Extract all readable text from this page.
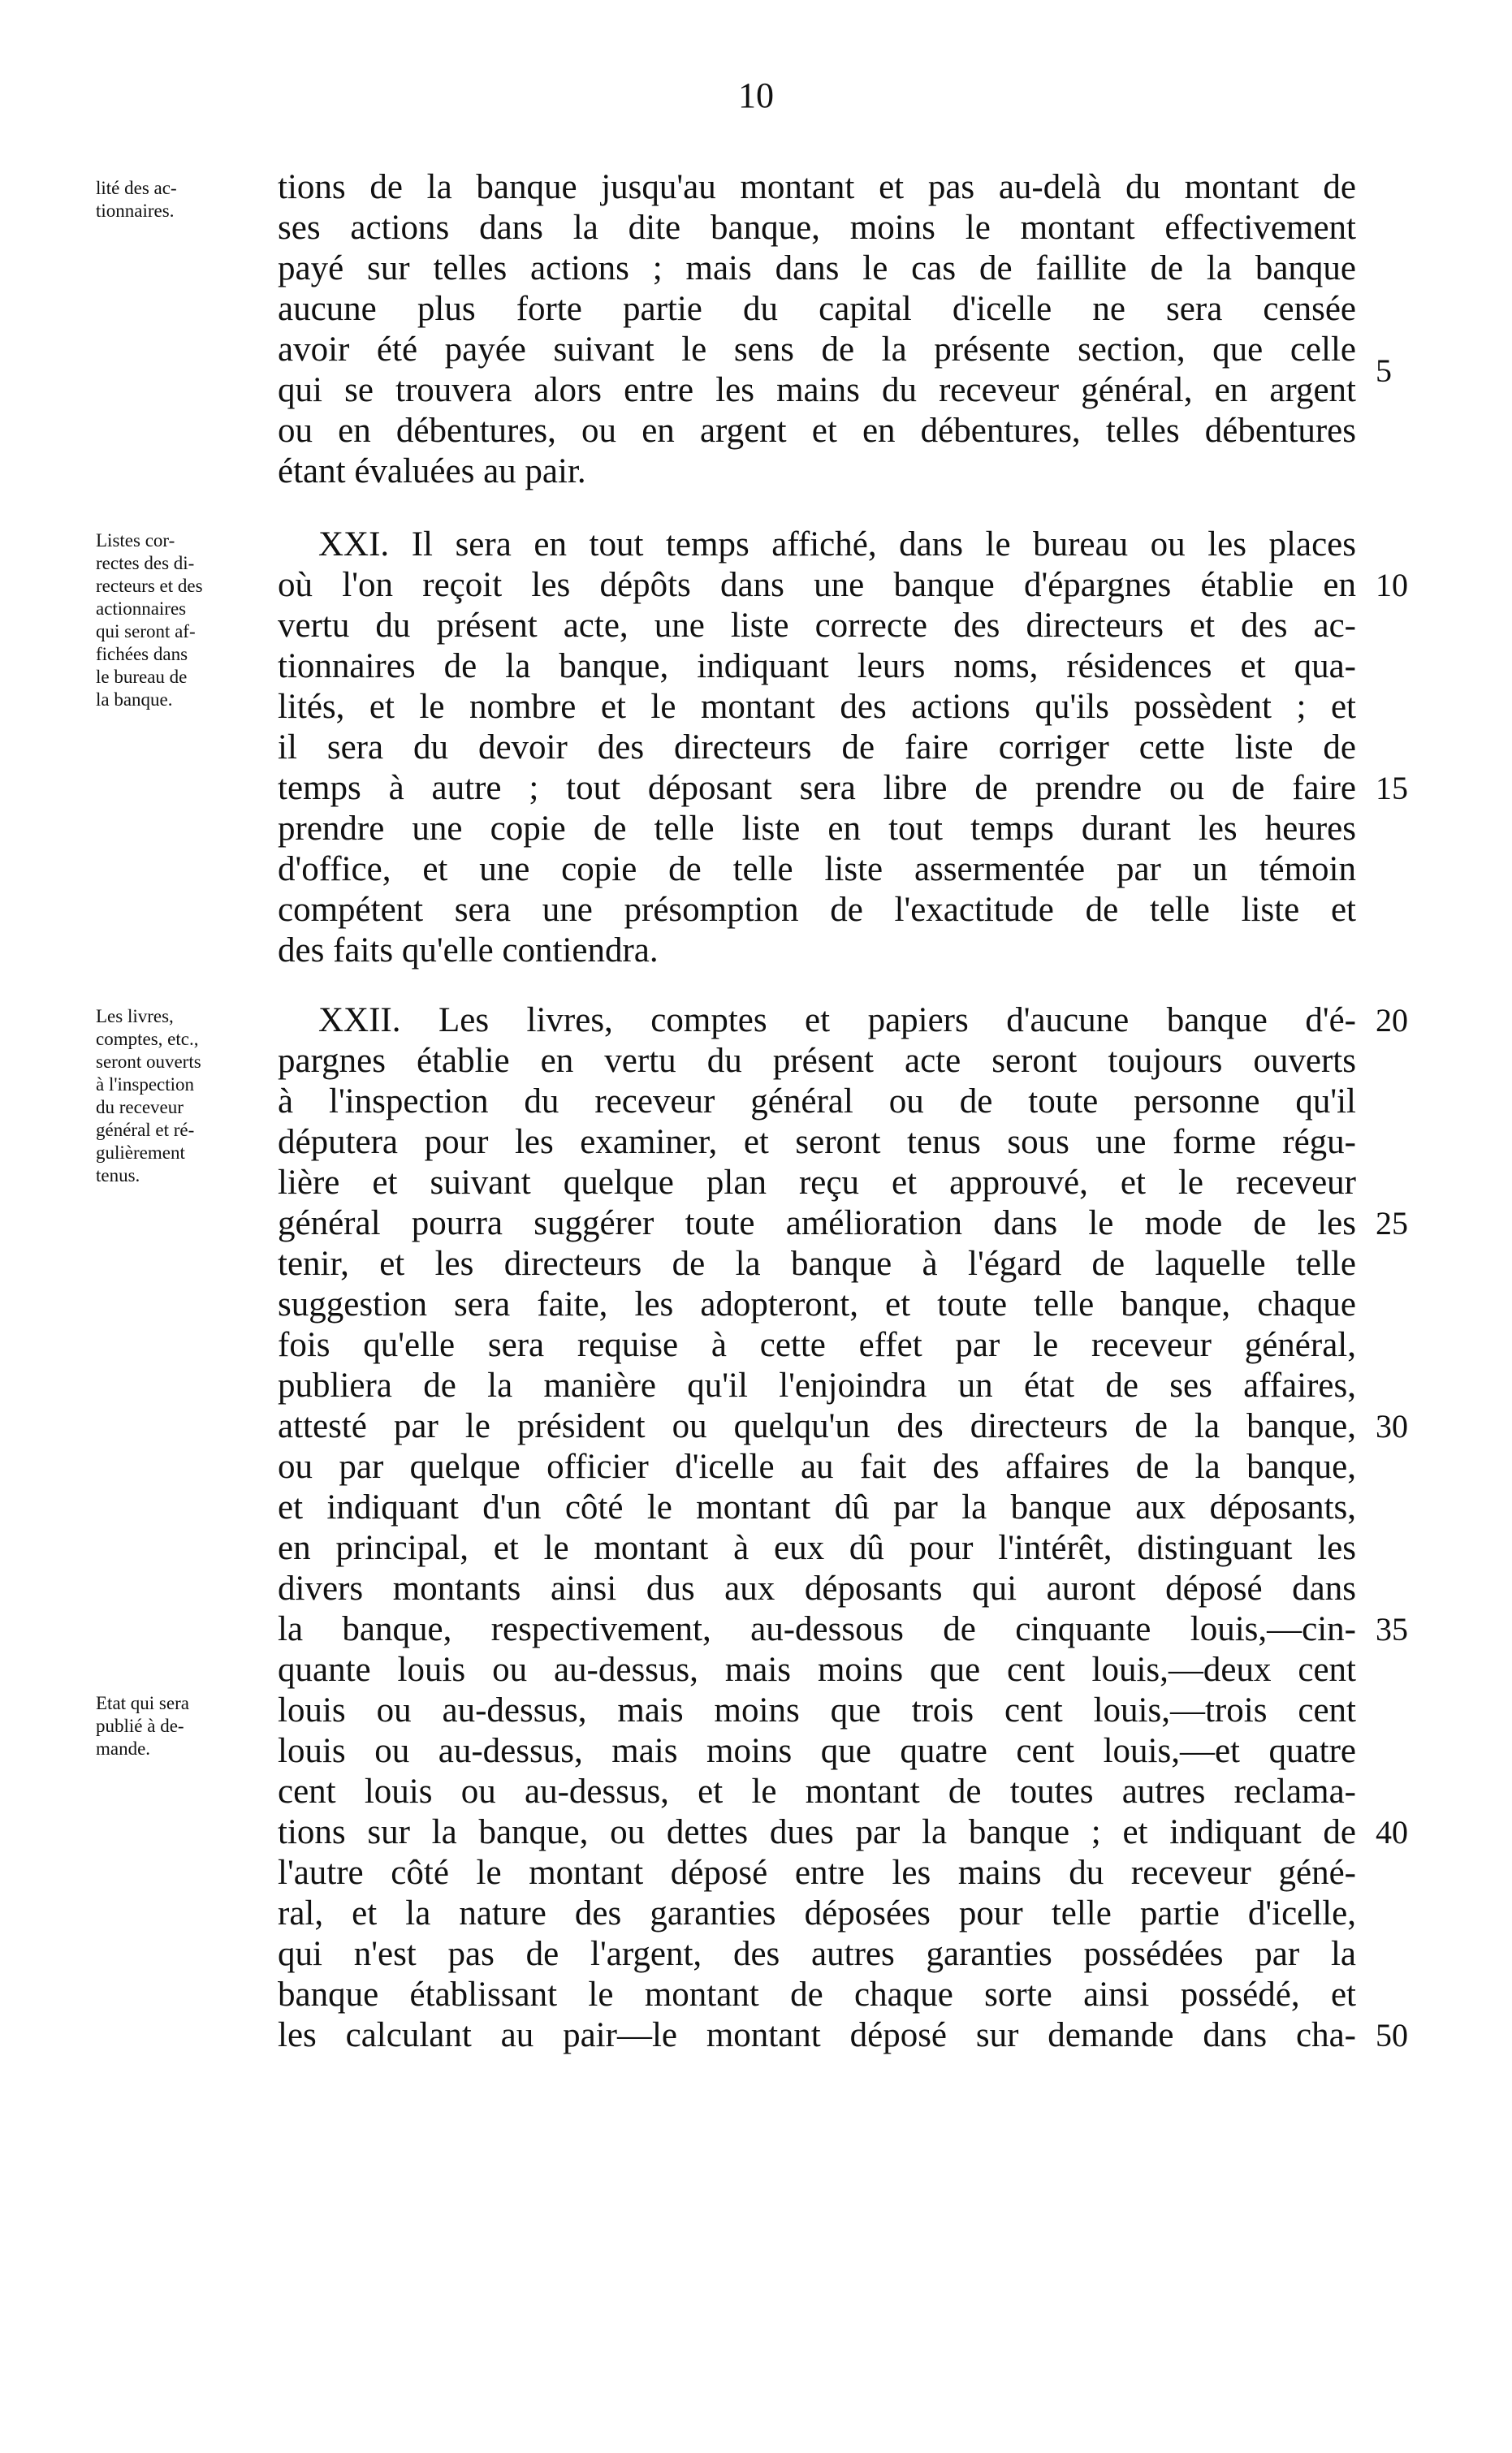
10
lité des ac-
tionnaires.
Listes cor-
rectes des di-
recteurs et des
actionnaires
qui seront af-
fichées dans
le bureau de
la banque.
Les livres,
comptes, etc.,
seront ouverts
à l'inspection
du receveur
général et ré-
gulièrement
tenus.
Etat qui sera
publié à de-
mande.
tions de la banque jusqu'au montant et pas au-delà du montant de
ses actions dans la dite banque, moins le montant effectivement
payé sur telles actions ; mais dans le cas de faillite de la banque
aucune plus forte partie du capital d'icelle ne sera censée
avoir été payée suivant le sens de la présente section, que celle
qui se trouvera alors entre les mains du receveur général, en argent
ou en débentures, ou en argent et en débentures, telles débentures
étant évaluées au pair.
XXI. Il sera en tout temps affiché, dans le bureau ou les places
où l'on reçoit les dépôts dans une banque d'épargnes établie en
vertu du présent acte, une liste correcte des directeurs et des ac-
tionnaires de la banque, indiquant leurs noms, résidences et qua-
lités, et le nombre et le montant des actions qu'ils possèdent ; et
il sera du devoir des directeurs de faire corriger cette liste de
temps à autre ; tout déposant sera libre de prendre ou de faire
prendre une copie de telle liste en tout temps durant les heures
d'office, et une copie de telle liste assermentée par un témoin
compétent sera une présomption de l'exactitude de telle liste et
des faits qu'elle contiendra.
XXII. Les livres, comptes et papiers d'aucune banque d'é-
pargnes établie en vertu du présent acte seront toujours ouverts
à l'inspection du receveur général ou de toute personne qu'il
députera pour les examiner, et seront tenus sous une forme régu-
lière et suivant quelque plan reçu et approuvé, et le receveur
général pourra suggérer toute amélioration dans le mode de les
tenir, et les directeurs de la banque à l'égard de laquelle telle
suggestion sera faite, les adopteront, et toute telle banque, chaque
fois qu'elle sera requise à cette effet par le receveur général,
publiera de la manière qu'il l'enjoindra un état de ses affaires,
attesté par le président ou quelqu'un des directeurs de la banque,
ou par quelque officier d'icelle au fait des affaires de la banque,
et indiquant d'un côté le montant dû par la banque aux déposants,
en principal, et le montant à eux dû pour l'intérêt, distinguant les
divers montants ainsi dus aux déposants qui auront déposé dans
la banque, respectivement, au-dessous de cinquante louis,—cin-
quante louis ou au-dessus, mais moins que cent louis,—deux cent
louis ou au-dessus, mais moins que trois cent louis,—trois cent
louis ou au-dessus, mais moins que quatre cent louis,—et quatre
cent louis ou au-dessus, et le montant de toutes autres reclama-
tions sur la banque, ou dettes dues par la banque ; et indiquant de
l'autre côté le montant déposé entre les mains du receveur géné-
ral, et la nature des garanties déposées pour telle partie d'icelle,
qui n'est pas de l'argent, des autres garanties possédées par la
banque établissant le montant de chaque sorte ainsi possédé, et
les calculant au pair—le montant déposé sur demande dans cha-
5
10
15
20
25
30
35
40
50
